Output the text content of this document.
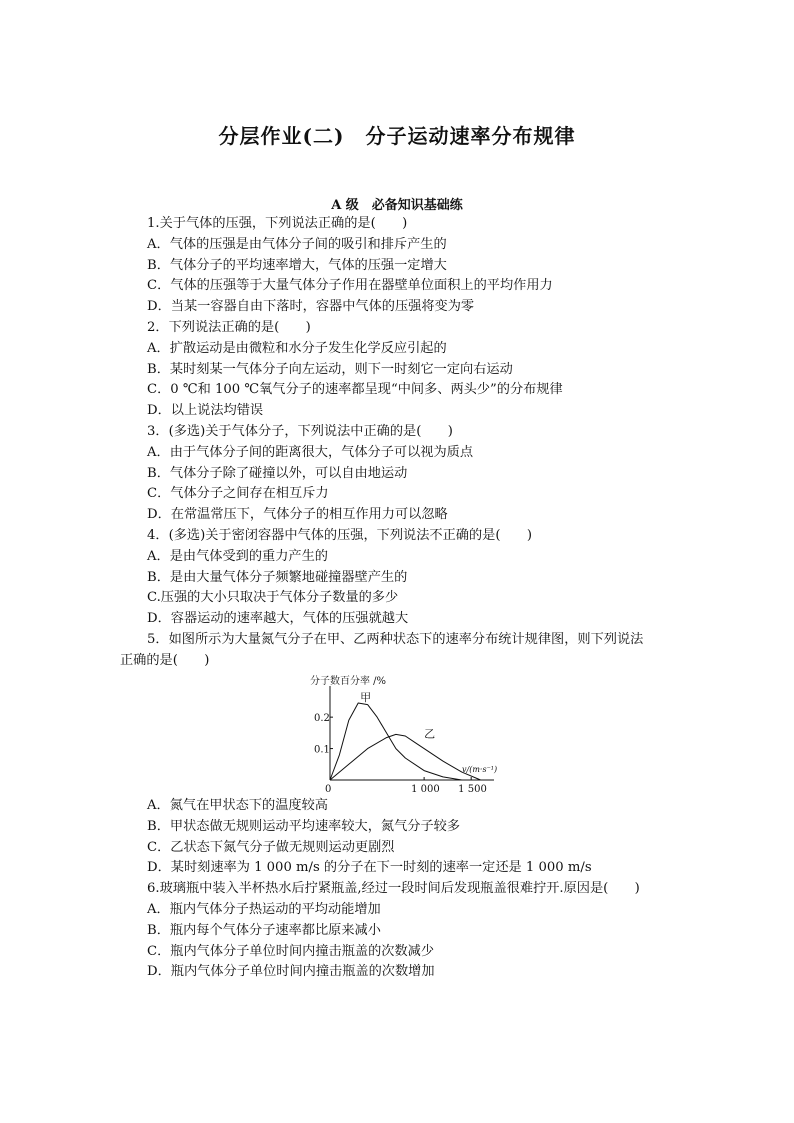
分层作业(二)　分子运动速率分布规律
A 级　必备知识基础练
1.关于气体的压强，下列说法正确的是(　　)
A．气体的压强是由气体分子间的吸引和排斥产生的
B．气体分子的平均速率增大，气体的压强一定增大
C．气体的压强等于大量气体分子作用在器壁单位面积上的平均作用力
D．当某一容器自由下落时，容器中气体的压强将变为零
2．下列说法正确的是(　　)
A．扩散运动是由微粒和水分子发生化学反应引起的
B．某时刻某一气体分子向左运动，则下一时刻它一定向右运动
C．0 ℃和 100 ℃氧气分子的速率都呈现“中间多、两头少”的分布规律
D．以上说法均错误
3．(多选)关于气体分子，下列说法中正确的是(　　)
A．由于气体分子间的距离很大，气体分子可以视为质点
B．气体分子除了碰撞以外，可以自由地运动
C．气体分子之间存在相互斥力
D．在常温常压下，气体分子的相互作用力可以忽略
4．(多选)关于密闭容器中气体的压强，下列说法不正确的是(　　)
A．是由气体受到的重力产生的
B．是由大量气体分子频繁地碰撞器壁产生的
C.压强的大小只取决于气体分子数量的多少
D．容器运动的速率越大，气体的压强就越大
5．如图所示为大量氮气分子在甲、乙两种状态下的速率分布统计规律图，则下列说法
正确的是(　　)
分子数百分率 /%
v/(m·s⁻¹)
0	1 000 1 500
0.2
0.1
甲
乙
A．氮气在甲状态下的温度较高
B．甲状态做无规则运动平均速率较大，氮气分子较多
C．乙状态下氮气分子做无规则运动更剧烈
D．某时刻速率为 1 000 m/s 的分子在下一时刻的速率一定还是 1 000 m/s
6.玻璃瓶中装入半杯热水后拧紧瓶盖,经过一段时间后发现瓶盖很难拧开.原因是(　　)
A．瓶内气体分子热运动的平均动能增加
B．瓶内每个气体分子速率都比原来减小
C．瓶内气体分子单位时间内撞击瓶盖的次数减少
D．瓶内气体分子单位时间内撞击瓶盖的次数增加
